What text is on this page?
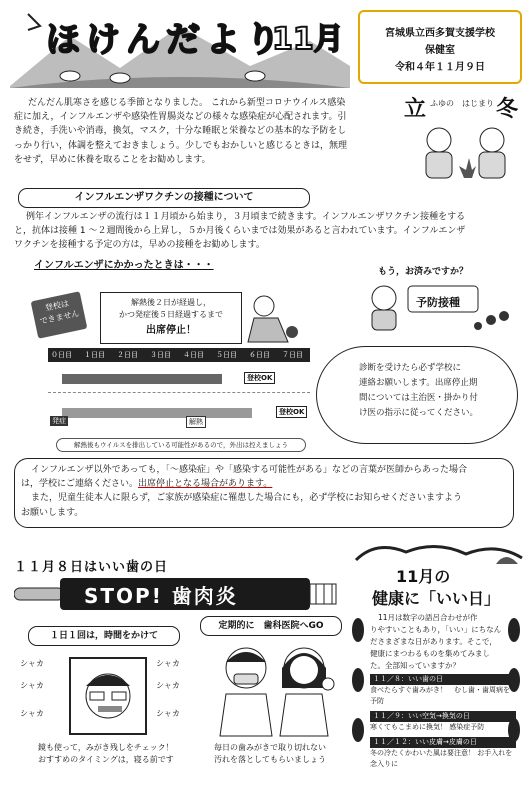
ほけんだより
11月	宮城県立西多賀支援学校
保健室
令和４年１１月９日
立 ふゆの　はじまり 冬
だんだん肌寒さを感じる季節となりました。 これから新型コロナウイルス感染
症に加え，インフルエンザや感染性胃腸炎などの様々な感染症が心配されます。引
き続き，手洗いや消毒，換気，マスク，十分な睡眠と栄養などの基本的な予防をし
っかり行い，体調を整えておきましょう。少しでもおかしいと感じるときは，無理
をせず，早めに休養を取ることをお勧めします。
インフルエンザワクチンの接種について
例年インフルエンザの流行は１１月頃から始まり，３月頃まで続きます。インフルエンザワクチン接種をする
と，抗体は接種 1 ～２週間後から上昇し，５か月後くらいまでは効果があると言われています。インフルエンザ
ワクチンを接種する予定の方は，早めの接種をお勧めします。
インフルエンザにかかったときは・・・
もう，お済みですか？
予防接種
登校は
できません
解熱後２日が経過し，
かつ発症後５日経過するまで
出席停止！
０日目 １日目 ２日目 ３日目 ４日目 ５日目 ６日目 ７日目
登校OK
発症	解熱
登校OK
解熱後もウイルスを排出している可能性があるので，外出は控えましょう
診断を受けたら必ず学校に
連絡お願いします。出席停止期
間については主治医・掛かり付
け医の指示に従ってください。
インフルエンザ以外であっても，「～感染症」や「感染する可能性がある」などの言葉が医師からあった場合
は，学校にご連絡ください。出席停止となる場合があります。
また，児童生徒本人に限らず，ご家族が感染症に罹患した場合にも，必ず学校にお知らせくださいますよう
お願いします。
１１月８日はいい歯の日
STOP! 歯肉炎
１日１回は，時間をかけて
定期的に　歯科医院へGO
シャカ
シャカ
シャカ
シャカ
シャカ
シャカ
鏡も使って，みがき残しをチェック！
おすすめのタイミングは，寝る前です
毎日の歯みがきで取り切れない
汚れを落としてもらいましょう
11月の
健康に「いい日」
11月は数字の語呂合わせが作
りやすいこともあり，「いい」にちなん
ださまざまな日があります。そこで，
健康にまつわるものを集めてみまし
た。全部知っていますか？
１１／８：いい歯の日
食べたらすぐ歯みがき！　むし歯・歯周病を予防
１１／９：いい空気→換気の日
寒くてもこまめに換気！ 感染症予防
１１／１２：いい皮膚→皮膚の日
冬の冷たくかわいた風は要注意！ お手入れを念入りに
